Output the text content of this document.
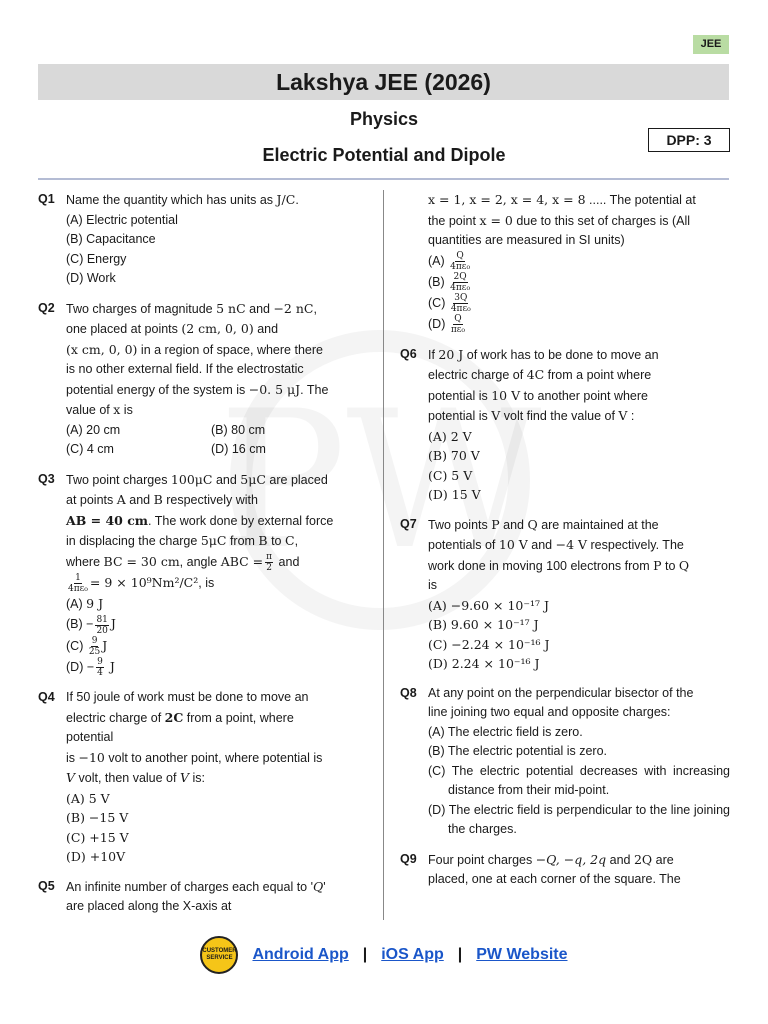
JEE
Lakshya JEE (2026)
Physics
Electric Potential and Dipole
DPP: 3
Q1 Name the quantity which has units as J/C.
(A) Electric potential
(B) Capacitance
(C) Energy
(D) Work
Q2 Two charges of magnitude 5 nC and −2 nC,
one placed at points (2 cm, 0, 0) and
(x cm, 0, 0) in a region of space, where there
is no other external field. If the electrostatic
potential energy of the system is −0. 5 μJ. The
value of x is
(A) 20 cm	(B) 80 cm
(C) 4 cm	(D) 16 cm
Q3 Two point charges 100μC and 5μC are placed
at points A and B respectively with
AB = 40 cm. The work done by external force
in displacing the charge 5μC from B to C,
where BC = 30 cm, angle ABC = $\frac{\pi}{2}$ and

$\frac{1}{\text{4πε₀}} = 9 \times 10^9Nm^2/C^2$, is
(A) 9 J
$(B) - \frac{81}{20}$ J
$(C) \frac{9}{25}$ J
$(D) - \frac{9}{4}$ J
Q4 If 50 joule of work must be done to move an
electric charge of 2C from a point, where
potential
is −10 volt to another point, where potential is
V volt, then value of V is:
(A) 5 V
(B) −15 V
(C) +15 V
(D) +10V
Q5 An infinite number of charges each equal to 'Q'
are placed along the X-axis at
x = 1, x = 2, x = 4, x = 8 ..... The potential at
the point x = 0 due to this set of charges is (All
quantities are measured in SI units)
$(A) \frac{Q}{\text{4πε₀}}$
$(B) \frac{2Q}{\text{4πε₀}}$
$(C) \frac{3Q}{\text{4πε₀}}$
$(D) \frac{Q}{\text{πε₀}}$
Q6 If 20 J of work has to be done to move an
electric charge of 4C from a point where
potential is 10 V to another point where
potential is V volt find the value of V :
(A) 2 V
(B) 70 V
(C) 5 V
(D) 15 V
Q7 Two points P and Q are maintained at the
potentials of 10 V and −4 V respectively. The
work done in moving 100 electrons from P to Q
is
(A) −9.60 × 10⁻¹⁷ J
(B) 9.60 × 10⁻¹⁷ J
(C) −2.24 × 10⁻¹⁶ J
(D) 2.24 × 10⁻¹⁶ J
Q8 At any point on the perpendicular bisector of the
line joining two equal and opposite charges:
(A) The electric field is zero.
(B) The electric potential is zero.
(C) The electric potential decreases with increasing distance from their mid-point.
(D) The electric field is perpendicular to the line joining the charges.
Q9 Four point charges −Q, −q, 2q and 2Q are
placed, one at each corner of the square. The
CUSTOMER SERVICE Android App | iOS App | PW Website
